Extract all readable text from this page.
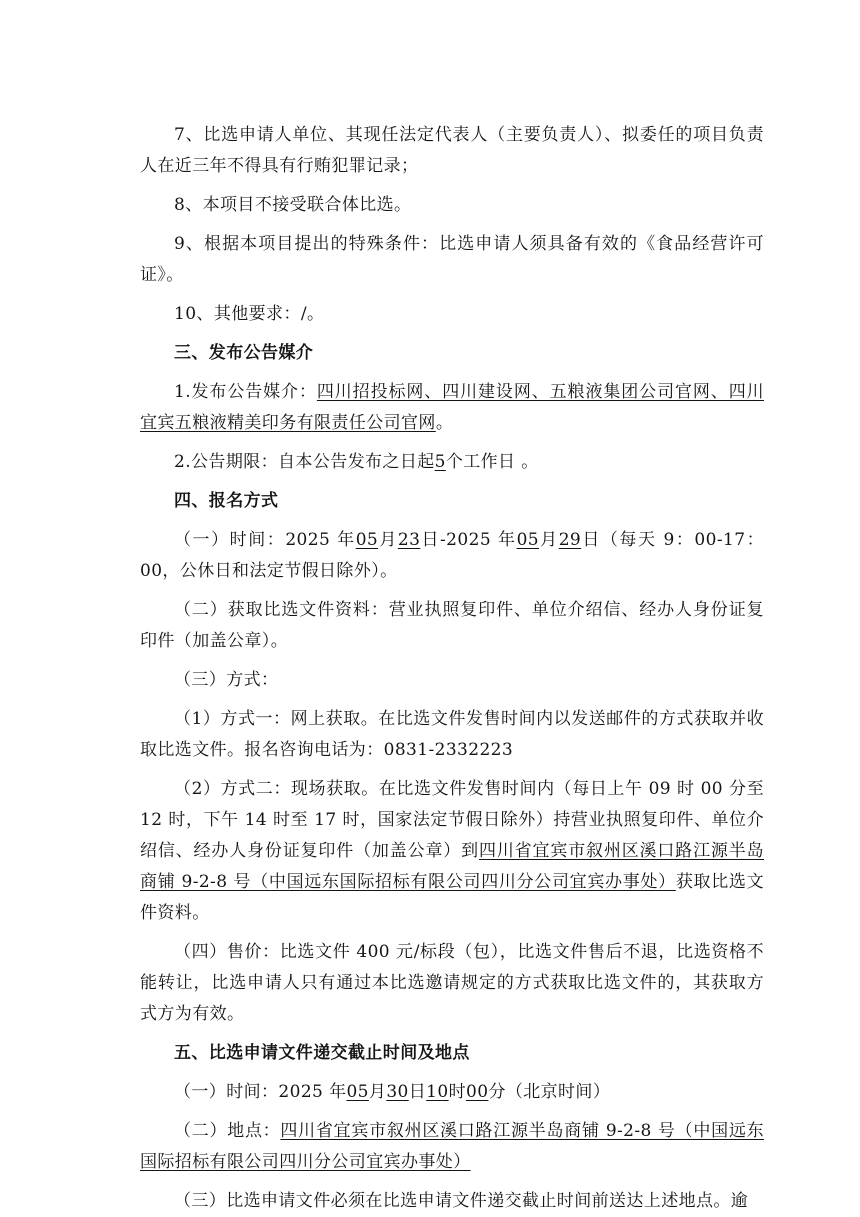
7、比选申请人单位、其现任法定代表人（主要负责人）、拟委任的项目负责人在近三年不得具有行贿犯罪记录；

8、本项目不接受联合体比选。

9、根据本项目提出的特殊条件：比选申请人须具备有效的《食品经营许可证》。

10、其他要求：/。

三、发布公告媒介

1.发布公告媒介：四川招投标网、四川建设网、五粮液集团公司官网、四川宜宾五粮液精美印务有限责任公司官网。

2.公告期限：自本公告发布之日起5个工作日 。

四、报名方式

（一）时间：2025 年05月23日-2025 年05月29日（每天 9：00-17：00，公休日和法定节假日除外）。

（二）获取比选文件资料：营业执照复印件、单位介绍信、经办人身份证复印件（加盖公章）。

（三）方式：

（1）方式一：网上获取。在比选文件发售时间内以发送邮件的方式获取并收取比选文件。报名咨询电话为：0831-2332223

（2）方式二：现场获取。在比选文件发售时间内（每日上午 09 时 00 分至 12 时，下午 14 时至 17 时，国家法定节假日除外）持营业执照复印件、单位介绍信、经办人身份证复印件（加盖公章）到四川省宜宾市叙州区溪口路江源半岛商铺 9-2-8 号（中国远东国际招标有限公司四川分公司宜宾办事处）获取比选文件资料。

（四）售价：比选文件 400 元/标段（包），比选文件售后不退，比选资格不能转让，比选申请人只有通过本比选邀请规定的方式获取比选文件的，其获取方式方为有效。

五、比选申请文件递交截止时间及地点

（一）时间：2025 年05月30日10时00分（北京时间）

（二）地点：四川省宜宾市叙州区溪口路江源半岛商铺 9-2-8 号（中国远东国际招标有限公司四川分公司宜宾办事处）

（三）比选申请文件必须在比选申请文件递交截止时间前送达上述地点。逾
